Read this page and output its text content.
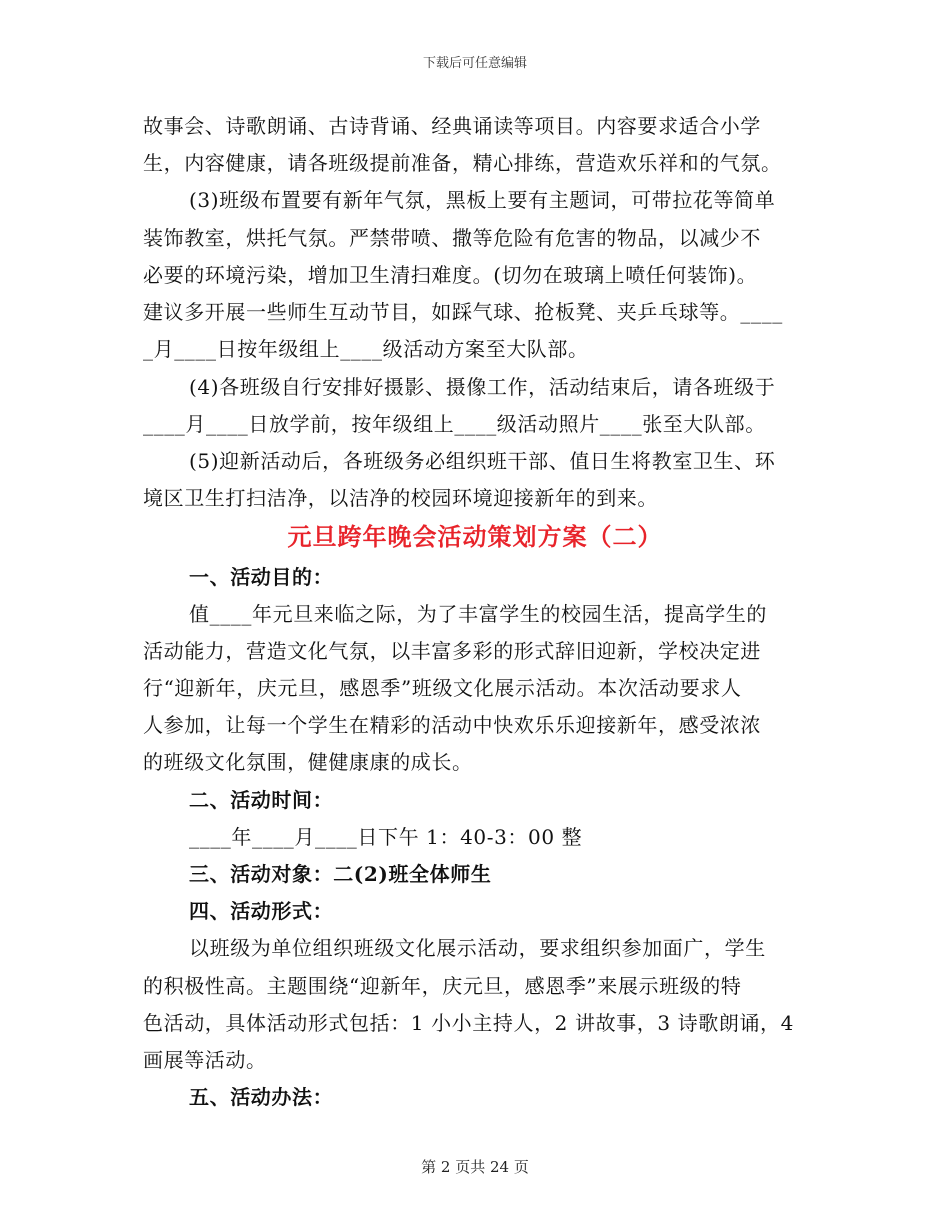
下载后可任意编辑
故事会、诗歌朗诵、古诗背诵、经典诵读等项目。内容要求适合小学
生，内容健康，请各班级提前准备，精心排练，营造欢乐祥和的气氛。
(3)班级布置要有新年气氛，黑板上要有主题词，可带拉花等简单
装饰教室，烘托气氛。严禁带喷、撒等危险有危害的物品，以减少不
必要的环境污染，增加卫生清扫难度。(切勿在玻璃上喷任何装饰)。
建议多开展一些师生互动节目，如踩气球、抢板凳、夹乒乓球等。____
_月____日按年级组上____级活动方案至大队部。
(4)各班级自行安排好摄影、摄像工作，活动结束后，请各班级于
____月____日放学前，按年级组上____级活动照片____张至大队部。
(5)迎新活动后，各班级务必组织班干部、值日生将教室卫生、环
境区卫生打扫洁净，以洁净的校园环境迎接新年的到来。
元旦跨年晚会活动策划方案（二）
一、活动目的：
值____年元旦来临之际，为了丰富学生的校园生活，提高学生的
活动能力，营造文化气氛，以丰富多彩的形式辞旧迎新，学校决定进
行“迎新年，庆元旦，感恩季”班级文化展示活动。本次活动要求人
人参加，让每一个学生在精彩的活动中快欢乐乐迎接新年，感受浓浓
的班级文化氛围，健健康康的成长。
二、活动时间：
____年____月____日下午 1：40-3：00 整
三、活动对象：二(2)班全体师生
四、活动形式：
以班级为单位组织班级文化展示活动，要求组织参加面广，学生
的积极性高。主题围绕“迎新年，庆元旦，感恩季”来展示班级的特
色活动，具体活动形式包括：1 小小主持人，2 讲故事，3 诗歌朗诵，4
画展等活动。
五、活动办法：
第 2 页共 24 页
